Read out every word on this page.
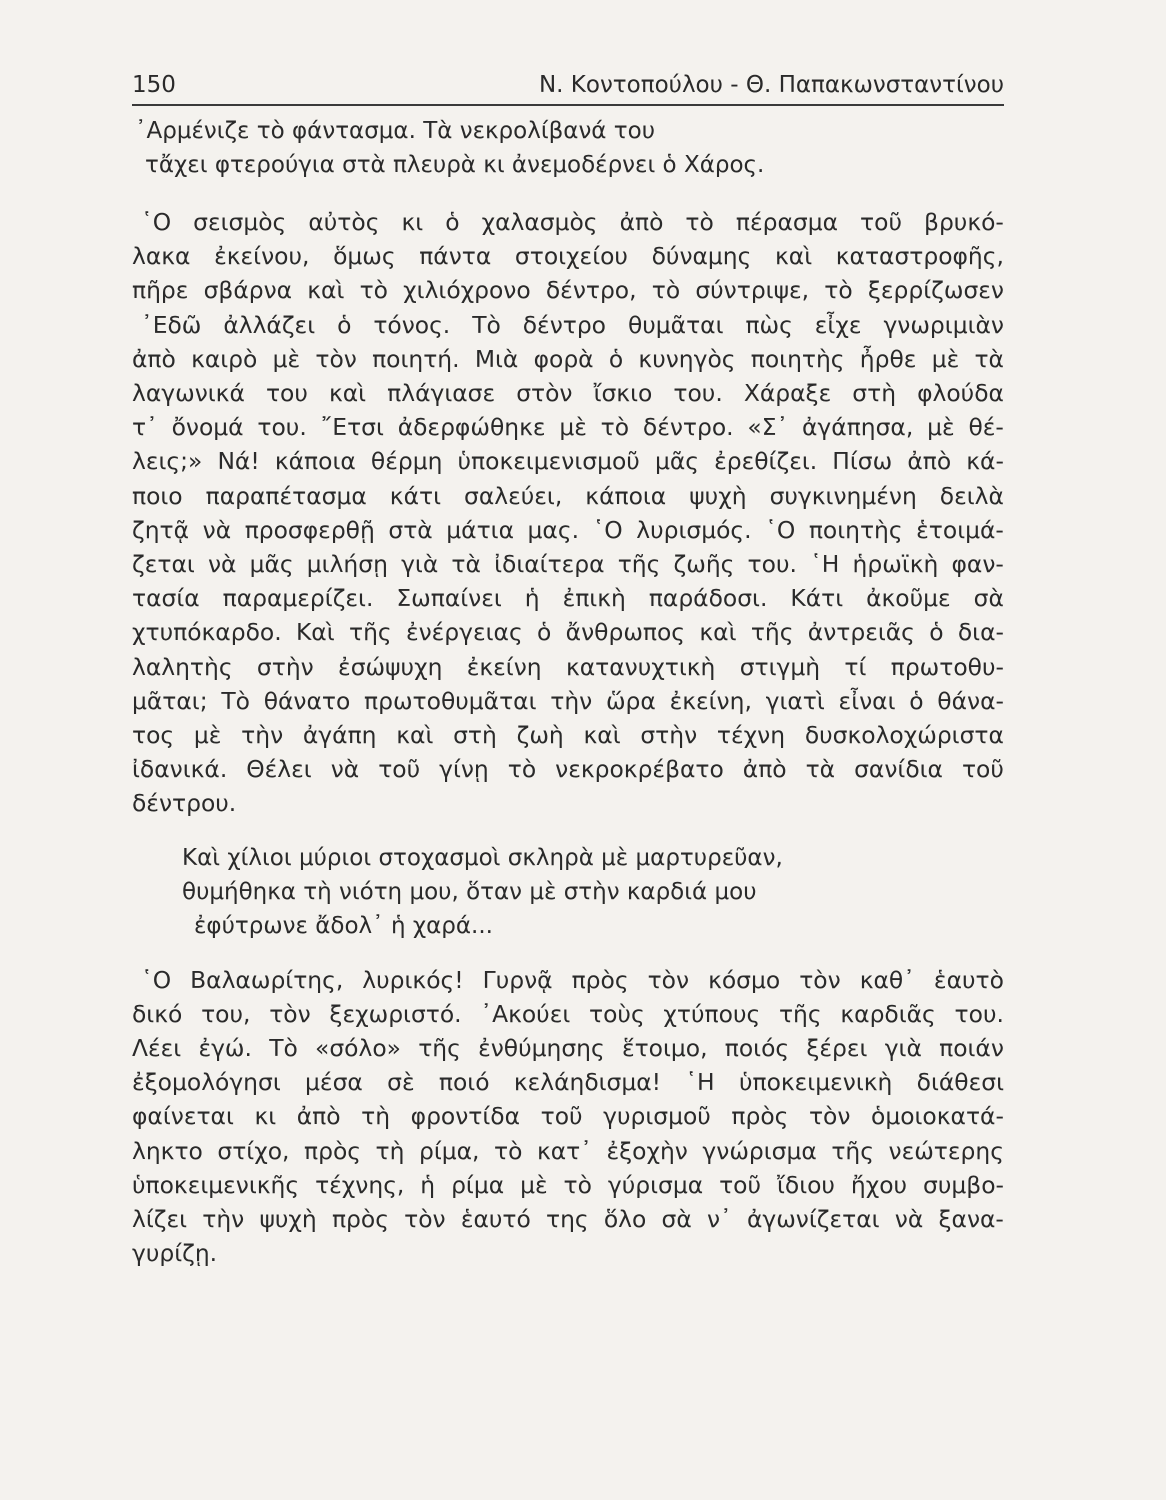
150	Ν. Κοντοπούλου - Θ. Παπακωνσταντίνου
᾿Αρμένιζε τὸ φάντασμα. Τὰ νεκρολίβανά του
τἄχει φτερούγια στὰ πλευρὰ κι ἀνεμοδέρνει ὁ Χάρος.
῾Ο σεισμὸς αὐτὸς κι ὁ χαλασμὸς ἀπὸ τὸ πέρασμα τοῦ βρυκό-
λακα ἐκείνου, ὅμως πάντα στοιχείου δύναμης καὶ καταστροφῆς,
πῆρε σβάρνα καὶ τὸ χιλιόχρονο δέντρο, τὸ σύντριψε, τὸ ξερρίζωσεν
᾿Εδῶ ἀλλάζει ὁ τόνος. Τὸ δέντρο θυμᾶται πὼς εἶχε γνωριμιὰν
ἀπὸ καιρὸ μὲ τὸν ποιητή. Μιὰ φορὰ ὁ κυνηγὸς ποιητὴς ἦρθε μὲ τὰ
λαγωνικά του καὶ πλάγιασε στὸν ἴσκιο του. Χάραξε στὴ φλούδα
τ᾿ ὄνομά του. ῎Ετσι ἀδερφώθηκε μὲ τὸ δέντρο. «Σ᾿ ἀγάπησα, μὲ θέ-
λεις;» Νά! κάποια θέρμη ὑποκειμενισμοῦ μᾶς ἐρεθίζει. Πίσω ἀπὸ κά-
ποιο παραπέτασμα κάτι σαλεύει, κάποια ψυχὴ συγκινημένη δειλὰ
ζητᾷ νὰ προσφερθῇ στὰ μάτια μας. ῾Ο λυρισμός. ῾Ο ποιητὴς ἑτοιμά-
ζεται νὰ μᾶς μιλήσῃ γιὰ τὰ ἰδιαίτερα τῆς ζωῆς του. ῾Η ἡρωϊκὴ φαν-
τασία παραμερίζει. Σωπαίνει ἡ ἐπικὴ παράδοσι. Κάτι ἀκοῦμε σὰ
χτυπόκαρδο. Καὶ τῆς ἐνέργειας ὁ ἄνθρωπος καὶ τῆς ἀντρειᾶς ὁ δια-
λαλητὴς στὴν ἐσώψυχη ἐκείνη κατανυχτικὴ στιγμὴ τί πρωτοθυ-
μᾶται; Τὸ θάνατο πρωτοθυμᾶται τὴν ὥρα ἐκείνη, γιατὶ εἶναι ὁ θάνα-
τος μὲ τὴν ἀγάπη καὶ στὴ ζωὴ καὶ στὴν τέχνη δυσκολοχώριστα
ἰδανικά. Θέλει νὰ τοῦ γίνῃ τὸ νεκροκρέβατο ἀπὸ τὰ σανίδια τοῦ
δέντρου.
Καὶ χίλιοι μύριοι στοχασμοὶ σκληρὰ μὲ μαρτυρεῦαν,
θυμήθηκα τὴ νιότη μου, ὅταν μὲ στὴν καρδιά μου
ἐφύτρωνε ἄδολ᾿ ἡ χαρά...
῾Ο Βαλαωρίτης, λυρικός! Γυρνᾷ πρὸς τὸν κόσμο τὸν καθ᾿ ἑαυτὸ
δικό του, τὸν ξεχωριστό. ᾿Ακούει τοὺς χτύπους τῆς καρδιᾶς του.
Λέει ἐγώ. Τὸ «σόλο» τῆς ἐνθύμησης ἕτοιμο, ποιός ξέρει γιὰ ποιάν
ἐξομολόγησι μέσα σὲ ποιό κελάηδισμα! ῾Η ὑποκειμενικὴ διάθεσι
φαίνεται κι ἀπὸ τὴ φροντίδα τοῦ γυρισμοῦ πρὸς τὸν ὁμοιοκατά-
ληκτο στίχο, πρὸς τὴ ρίμα, τὸ κατ᾿ ἐξοχὴν γνώρισμα τῆς νεώτερης
ὑποκειμενικῆς τέχνης, ἡ ρίμα μὲ τὸ γύρισμα τοῦ ἴδιου ἤχου συμβο-
λίζει τὴν ψυχὴ πρὸς τὸν ἑαυτό της ὅλο σὰ ν᾿ ἀγωνίζεται νὰ ξανα-
γυρίζῃ.
